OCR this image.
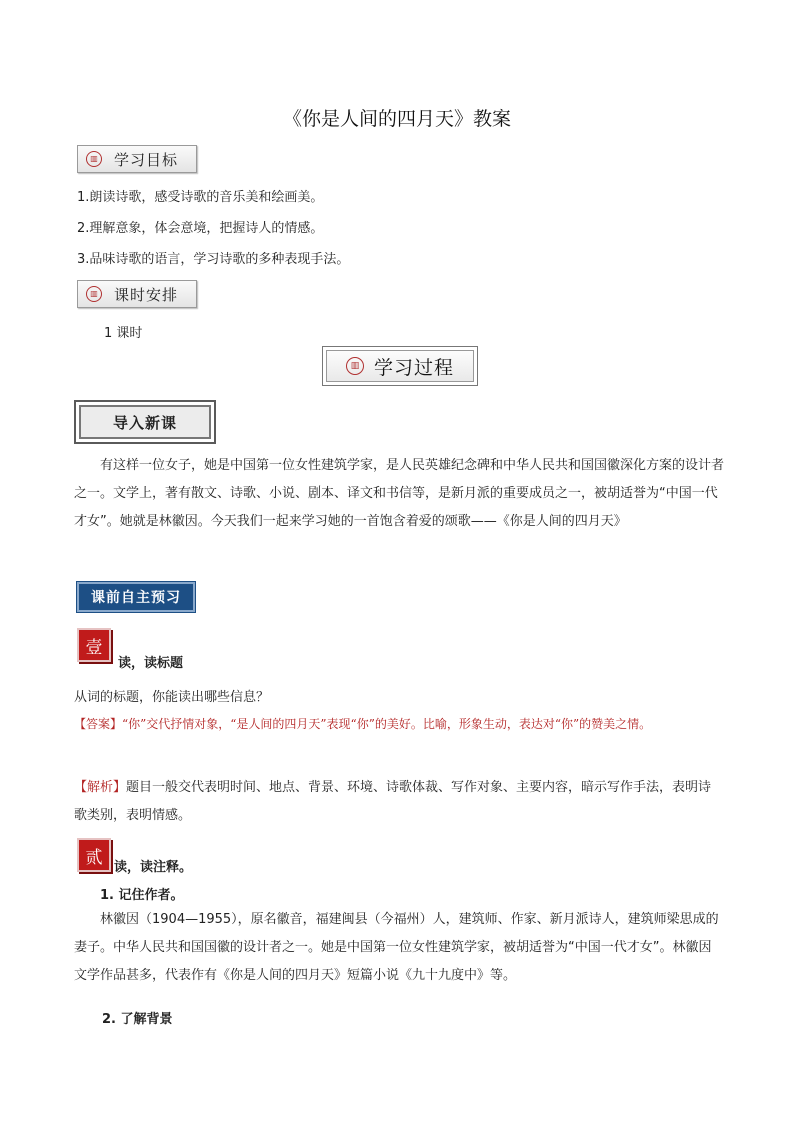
《你是人间的四月天》教案
▥ 学习目标
1.朗读诗歌，感受诗歌的音乐美和绘画美。
2.理解意象，体会意境，把握诗人的情感。
3.品味诗歌的语言，学习诗歌的多种表现手法。
▥ 课时安排
1 课时
▥ 学习过程
导入新课
有这样一位女子，她是中国第一位女性建筑学家，是人民英雄纪念碑和中华人民共和国国徽深化方案的设计者之一。文学上，著有散文、诗歌、小说、剧本、译文和书信等，是新月派的重要成员之一，被胡适誉为“中国一代才女”。她就是林徽因。今天我们一起来学习她的一首饱含着爱的颂歌——《你是人间的四月天》
课前自主预习
壹
读，读标题
从词的标题，你能读出哪些信息？
【答案】“你”交代抒情对象，“是人间的四月天”表现“你”的美好。比喻，形象生动，表达对“你”的赞美之情。
【解析】题目一般交代表明时间、地点、背景、环境、诗歌体裁、写作对象、主要内容，暗示写作手法，表明诗歌类别，表明情感。
贰 读，读注释。
1. 记住作者。
林徽因（1904—1955），原名徽音，福建闽县（今福州）人，建筑师、作家、新月派诗人，建筑师梁思成的妻子。中华人民共和国国徽的设计者之一。她是中国第一位女性建筑学家，被胡适誉为“中国一代才女”。林徽因文学作品甚多，代表作有《你是人间的四月天》短篇小说《九十九度中》等。
2. 了解背景
